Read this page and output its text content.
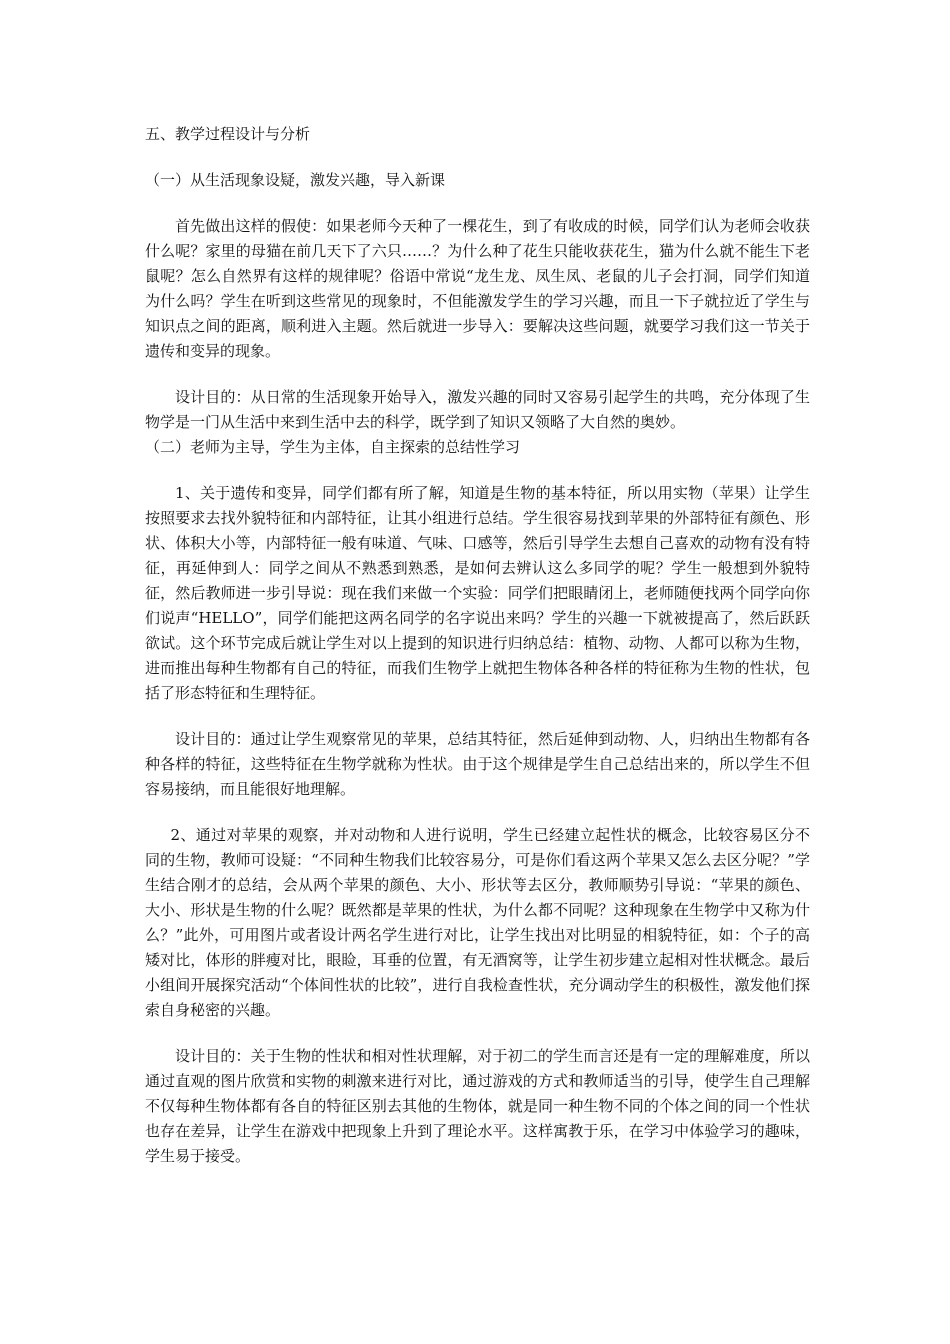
五、教学过程设计与分析
（一）从生活现象设疑，激发兴趣，导入新课

首先做出这样的假使：如果老师今天种了一棵花生，到了有收成的时候，同学们认为老师会收获什么呢？家里的母猫在前几天下了六只……？为什么种了花生只能收获花生，猫为什么就不能生下老鼠呢？怎么自然界有这样的规律呢？俗语中常说“龙生龙、凤生凤、老鼠的儿子会打洞，同学们知道为什么吗？学生在听到这些常见的现象时，不但能激发学生的学习兴趣，而且一下子就拉近了学生与知识点之间的距离，顺利进入主题。然后就进一步导入：要解决这些问题，就要学习我们这一节关于遗传和变异的现象。

设计目的：从日常的生活现象开始导入，激发兴趣的同时又容易引起学生的共鸣，充分体现了生物学是一门从生活中来到生活中去的科学，既学到了知识又领略了大自然的奥妙。

（二）老师为主导，学生为主体，自主探索的总结性学习

1、关于遗传和变异，同学们都有所了解，知道是生物的基本特征，所以用实物（苹果）让学生按照要求去找外貌特征和内部特征，让其小组进行总结。学生很容易找到苹果的外部特征有颜色、形状、体积大小等，内部特征一般有味道、气味、口感等，然后引导学生去想自己喜欢的动物有没有特征，再延伸到人：同学之间从不熟悉到熟悉，是如何去辨认这么多同学的呢？学生一般想到外貌特征，然后教师进一步引导说：现在我们来做一个实验：同学们把眼睛闭上，老师随便找两个同学向你们说声“HELLO”，同学们能把这两名同学的名字说出来吗？学生的兴趣一下就被提高了，然后跃跃欲试。这个环节完成后就让学生对以上提到的知识进行归纳总结：植物、动物、人都可以称为生物，进而推出每种生物都有自己的特征，而我们生物学上就把生物体各种各样的特征称为生物的性状，包括了形态特征和生理特征。

设计目的：通过让学生观察常见的苹果，总结其特征，然后延伸到动物、人，归纳出生物都有各种各样的特征，这些特征在生物学就称为性状。由于这个规律是学生自己总结出来的，所以学生不但容易接纳，而且能很好地理解。

2、通过对苹果的观察，并对动物和人进行说明，学生已经建立起性状的概念，比较容易区分不同的生物，教师可设疑：“不同种生物我们比较容易分，可是你们看这两个苹果又怎么去区分呢？”学生结合刚才的总结，会从两个苹果的颜色、大小、形状等去区分，教师顺势引导说：“苹果的颜色、大小、形状是生物的什么呢？既然都是苹果的性状，为什么都不同呢？这种现象在生物学中又称为什么？”此外，可用图片或者设计两名学生进行对比，让学生找出对比明显的相貌特征，如：个子的高矮对比，体形的胖瘦对比，眼睑，耳垂的位置，有无酒窝等，让学生初步建立起相对性状概念。最后小组间开展探究活动“个体间性状的比较”，进行自我检查性状，充分调动学生的积极性，激发他们探索自身秘密的兴趣。

设计目的：关于生物的性状和相对性状理解，对于初二的学生而言还是有一定的理解难度，所以通过直观的图片欣赏和实物的刺激来进行对比，通过游戏的方式和教师适当的引导，使学生自己理解不仅每种生物体都有各自的特征区别去其他的生物体，就是同一种生物不同的个体之间的同一个性状也存在差异，让学生在游戏中把现象上升到了理论水平。这样寓教于乐，在学习中体验学习的趣味，学生易于接受。
